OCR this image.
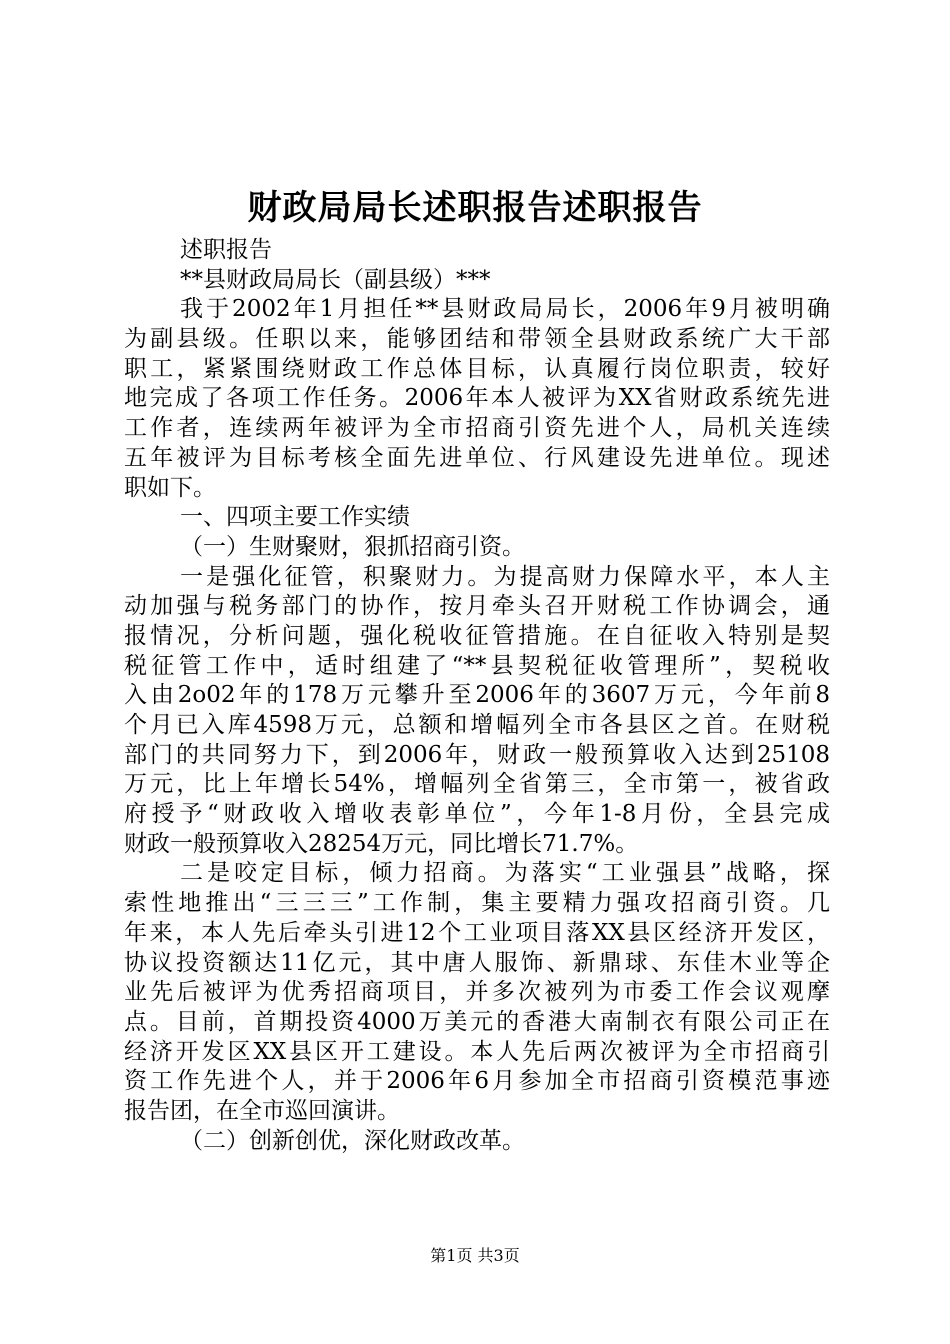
财政局局长述职报告述职报告
述职报告
**县财政局局长（副县级）***
我于2002年1月担任**县财政局局长，2006年9月被明确
为副县级。任职以来，能够团结和带领全县财政系统广大干部
职工，紧紧围绕财政工作总体目标，认真履行岗位职责，较好
地完成了各项工作任务。2006年本人被评为XX省财政系统先进
工作者，连续两年被评为全市招商引资先进个人，局机关连续
五年被评为目标考核全面先进单位、行风建设先进单位。现述
职如下。
一、四项主要工作实绩
（一）生财聚财，狠抓招商引资。
一是强化征管，积聚财力。为提高财力保障水平，本人主
动加强与税务部门的协作，按月牵头召开财税工作协调会，通
报情况，分析问题，强化税收征管措施。在自征收入特别是契
税征管工作中，适时组建了“**县契税征收管理所”，契税收
入由2o02年的178万元攀升至2006年的3607万元，今年前8
个月已入库4598万元，总额和增幅列全市各县区之首。在财税
部门的共同努力下，到2006年，财政一般预算收入达到25108
万元，比上年增长54%，增幅列全省第三，全市第一，被省政
府授予“财政收入增收表彰单位”，今年1-8月份，全县完成
财政一般预算收入28254万元，同比增长71.7%。
二是咬定目标，倾力招商。为落实“工业强县”战略，探
索性地推出“三三三”工作制，集主要精力强攻招商引资。几
年来，本人先后牵头引进12个工业项目落XX县区经济开发区，
协议投资额达11亿元，其中唐人服饰、新鼎球、东佳木业等企
业先后被评为优秀招商项目，并多次被列为市委工作会议观摩
点。目前，首期投资4000万美元的香港大南制衣有限公司正在
经济开发区XX县区开工建设。本人先后两次被评为全市招商引
资工作先进个人，并于2006年6月参加全市招商引资模范事迹
报告团，在全市巡回演讲。
（二）创新创优，深化财政改革。
第1页 共3页
